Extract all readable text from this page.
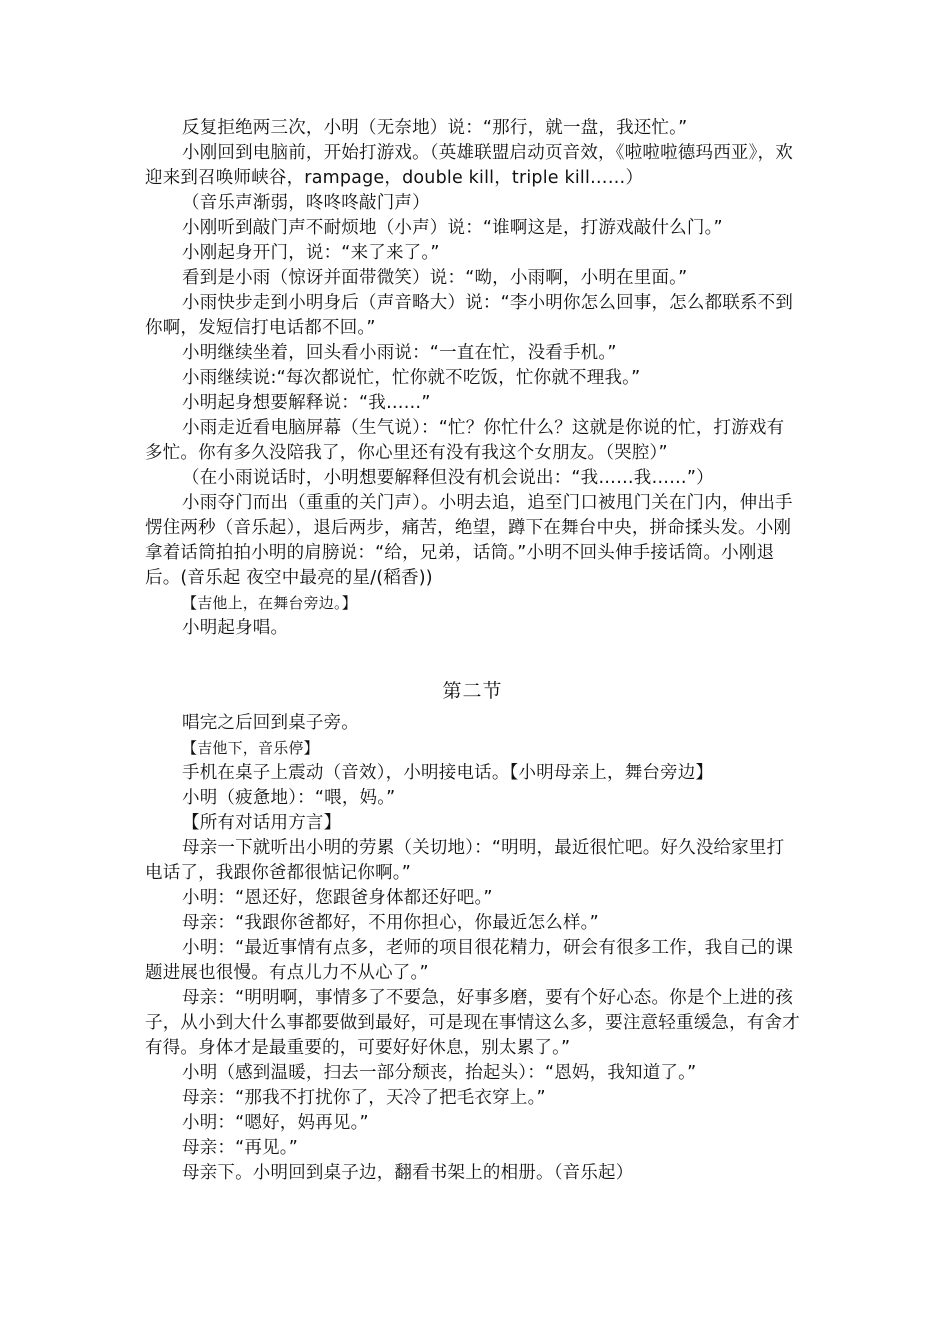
反复拒绝两三次，小明（无奈地）说：“那行，就一盘，我还忙。”

小刚回到电脑前，开始打游戏。（英雄联盟启动页音效，《啦啦啦德玛西亚》，欢迎来到召唤师峡谷，rampage，double kill，triple kill……）

（音乐声渐弱，咚咚咚敲门声）

小刚听到敲门声不耐烦地（小声）说：“谁啊这是，打游戏敲什么门。”

小刚起身开门，说：“来了来了。”

看到是小雨（惊讶并面带微笑）说：“呦，小雨啊，小明在里面。”

小雨快步走到小明身后（声音略大）说：“李小明你怎么回事，怎么都联系不到你啊，发短信打电话都不回。”

小明继续坐着，回头看小雨说：“一直在忙，没看手机。”

小雨继续说:“每次都说忙，忙你就不吃饭，忙你就不理我。”

小明起身想要解释说：“我……”

小雨走近看电脑屏幕（生气说）：“忙？你忙什么？这就是你说的忙，打游戏有多忙。你有多久没陪我了，你心里还有没有我这个女朋友。（哭腔）”

（在小雨说话时，小明想要解释但没有机会说出：“我……我……”）

小雨夺门而出（重重的关门声）。小明去追，追至门口被甩门关在门内，伸出手愣住两秒（音乐起），退后两步，痛苦，绝望，蹲下在舞台中央，拼命揉头发。小刚拿着话筒拍拍小明的肩膀说：“给，兄弟，话筒。”小明不回头伸手接话筒。小刚退后。(音乐起 夜空中最亮的星/(稻香))

【吉他上，在舞台旁边。】

小明起身唱。

第二节

唱完之后回到桌子旁。

【吉他下，音乐停】

手机在桌子上震动（音效），小明接电话。【小明母亲上，舞台旁边】

小明（疲惫地）：“喂，妈。”

【所有对话用方言】

母亲一下就听出小明的劳累（关切地）：“明明，最近很忙吧。好久没给家里打电话了，我跟你爸都很惦记你啊。”

小明：“恩还好，您跟爸身体都还好吧。”

母亲：“我跟你爸都好，不用你担心，你最近怎么样。”

小明：“最近事情有点多，老师的项目很花精力，研会有很多工作，我自己的课题进展也很慢。有点儿力不从心了。”

母亲：“明明啊，事情多了不要急，好事多磨，要有个好心态。你是个上进的孩子，从小到大什么事都要做到最好，可是现在事情这么多，要注意轻重缓急，有舍才有得。身体才是最重要的，可要好好休息，别太累了。”

小明（感到温暖，扫去一部分颓丧，抬起头）：“恩妈，我知道了。”

母亲：“那我不打扰你了，天冷了把毛衣穿上。”

小明：“嗯好，妈再见。”

母亲：“再见。”

母亲下。小明回到桌子边，翻看书架上的相册。（音乐起）
